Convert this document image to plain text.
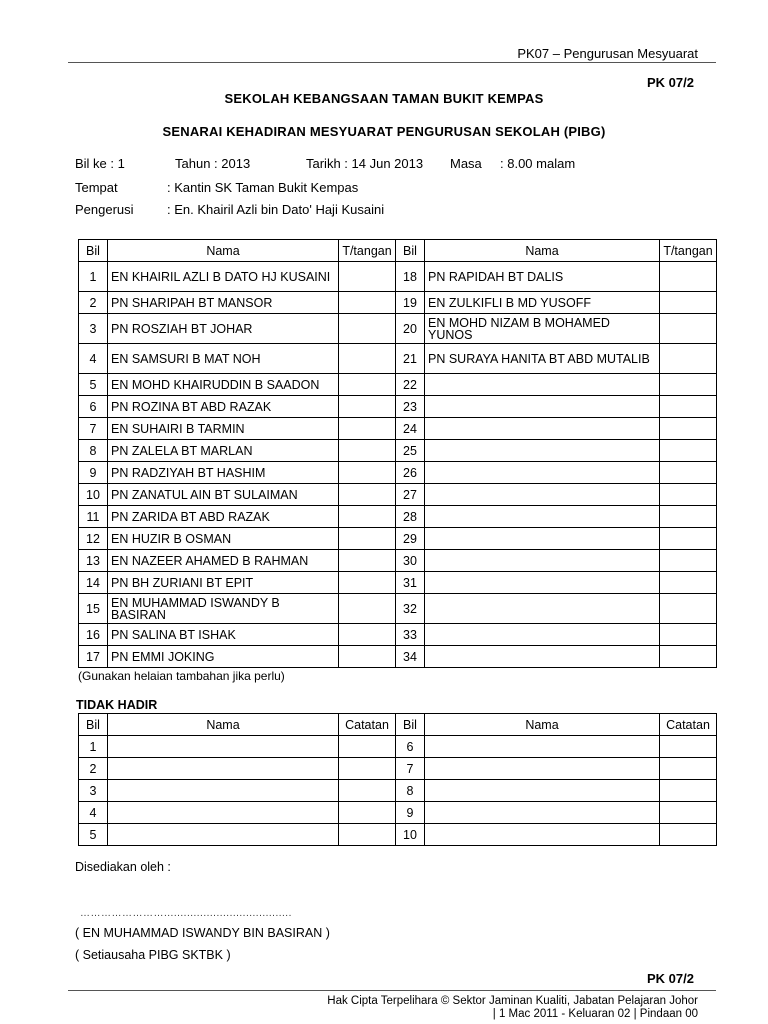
PK07 – Pengurusan Mesyuarat
PK 07/2
SEKOLAH KEBANGSAAN TAMAN BUKIT KEMPAS
SENARAI KEHADIRAN MESYUARAT PENGURUSAN SEKOLAH (PIBG)
Bil ke : 1	Tahun : 2013	Tarikh : 14 Jun 2013 Masa : 8.00 malam
Tempat	: Kantin SK Taman Bukit Kempas
Pengerusi	: En. Khairil Azli bin Dato' Haji Kusaini
Bil	Nama	T/tangan	Bil	Nama	T/tangan
1	EN KHAIRIL AZLI B DATO HJ KUSAINI		18	PN RAPIDAH BT DALIS	
2	PN SHARIPAH BT MANSOR		19	EN ZULKIFLI B MD YUSOFF	
3	PN ROSZIAH BT JOHAR		20	EN MOHD NIZAM B MOHAMED YUNOS	
4	EN SAMSURI B MAT NOH		21	PN SURAYA HANITA BT ABD MUTALIB	
5	EN MOHD KHAIRUDDIN B SAADON		22		
6	PN ROZINA BT ABD RAZAK		23		
7	EN SUHAIRI B TARMIN		24		
8	PN ZALELA BT MARLAN		25		
9	PN RADZIYAH BT HASHIM		26		
10	PN ZANATUL AIN BT SULAIMAN		27		
11	PN ZARIDA BT ABD RAZAK		28		
12	EN HUZIR B OSMAN		29		
13	EN NAZEER AHAMED B RAHMAN		30		
14	PN BH ZURIANI BT EPIT		31		
15	EN MUHAMMAD ISWANDY B BASIRAN		32		
16	PN SALINA BT ISHAK		33		
17	PN EMMI JOKING		34		
(Gunakan helaian tambahan jika perlu)
TIDAK HADIR
Bil	Nama	Catatan	Bil	Nama	Catatan
1			6		
2			7		
3			8		
4			9		
5			10		
Disediakan oleh :
…………………….......................................
( EN MUHAMMAD ISWANDY BIN BASIRAN )
( Setiausaha PIBG SKTBK )
PK 07/2
Hak Cipta Terpelihara © Sektor Jaminan Kualiti, Jabatan Pelajaran Johor
| 1 Mac 2011 - Keluaran 02 | Pindaan 00
